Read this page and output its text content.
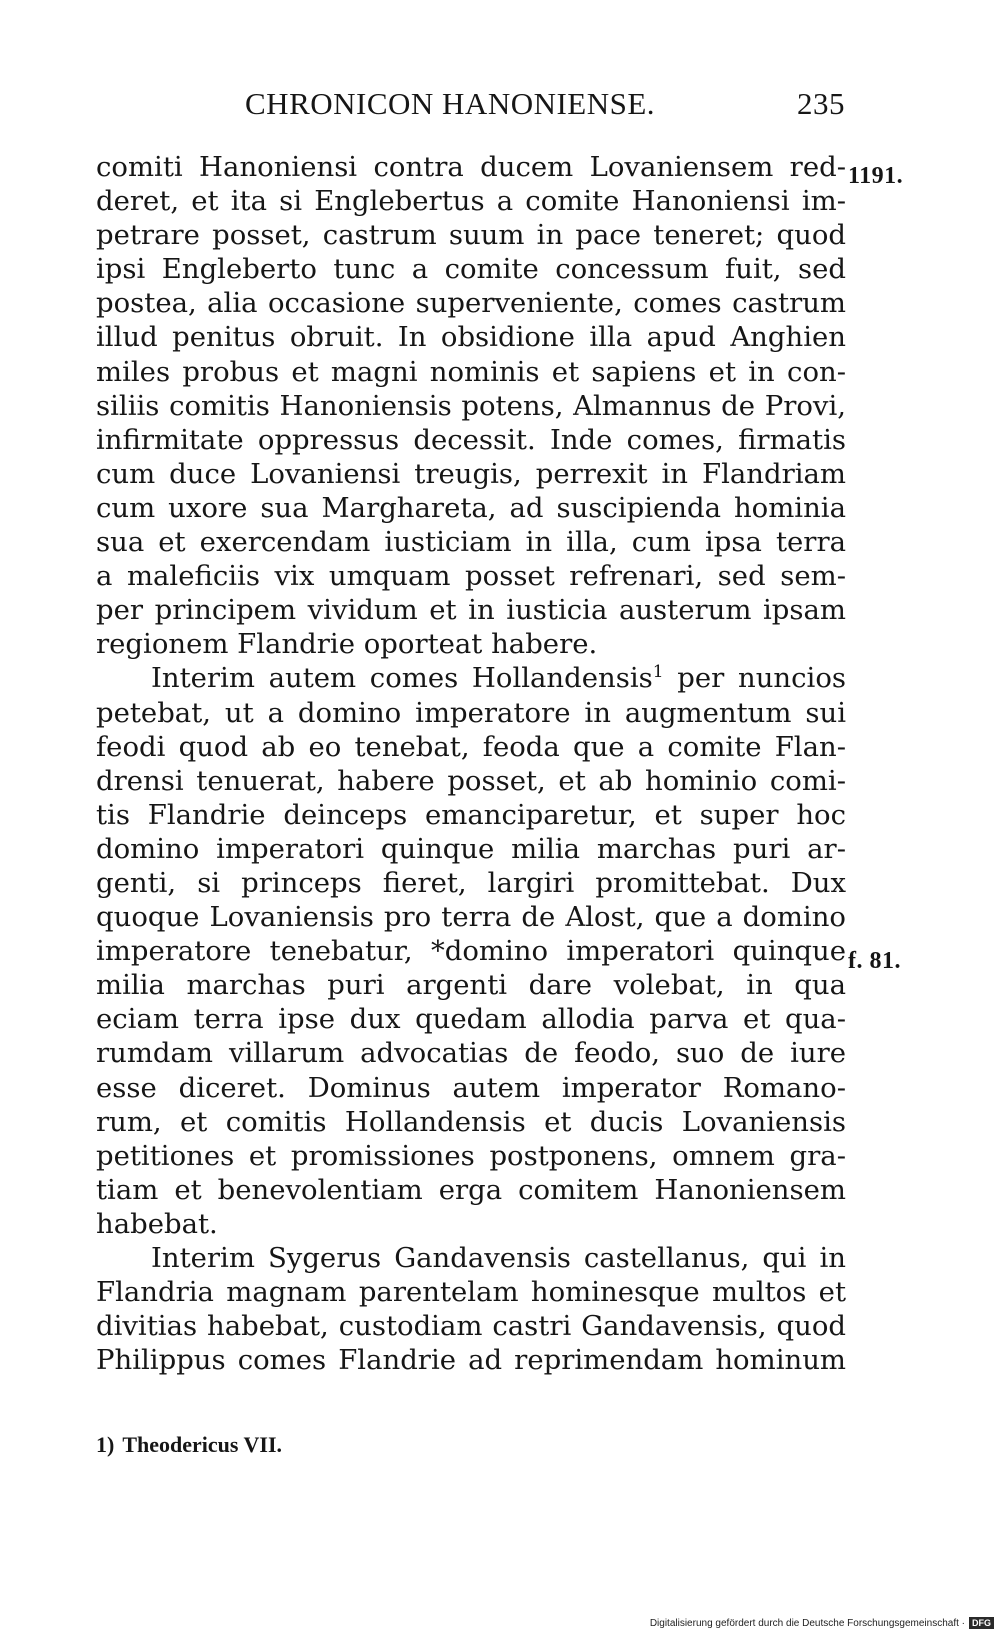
CHRONICON HANONIENSE.	235
1191.
f. 81.
comiti Hanoniensi contra ducem Lovaniensem red-
deret, et ita si Englebertus a comite Hanoniensi im-
petrare posset, castrum suum in pace teneret; quod
ipsi Engleberto tunc a comite concessum fuit, sed
postea, alia occasione superveniente, comes castrum
illud penitus obruit. In obsidione illa apud Anghien
miles probus et magni nominis et sapiens et in con-
siliis comitis Hanoniensis potens, Almannus de Provi,
infirmitate oppressus decessit. Inde comes, firmatis
cum duce Lovaniensi treugis, perrexit in Flandriam
cum uxore sua Marghareta, ad suscipienda hominia
sua et exercendam iusticiam in illa, cum ipsa terra
a maleficiis vix umquam posset refrenari, sed sem-
per principem vividum et in iusticia austerum ipsam
regionem Flandrie oporteat habere.
Interim autem comes Hollandensis$^1$ per nuncios
petebat, ut a domino imperatore in augmentum sui
feodi quod ab eo tenebat, feoda que a comite Flan-
drensi tenuerat, habere posset, et ab hominio comi-
tis Flandrie deinceps emanciparetur, et super hoc
domino imperatori quinque milia marchas puri ar-
genti, si princeps fieret, largiri promittebat. Dux
quoque Lovaniensis pro terra de Alost, que a domino
imperatore tenebatur, *domino imperatori quinque
milia marchas puri argenti dare volebat, in qua
eciam terra ipse dux quedam allodia parva et qua-
rumdam villarum advocatias de feodo, suo de iure
esse diceret. Dominus autem imperator Romano-
rum, et comitis Hollandensis et ducis Lovaniensis
petitiones et promissiones postponens, omnem gra-
tiam et benevolentiam erga comitem Hanoniensem
habebat.
Interim Sygerus Gandavensis castellanus, qui in
Flandria magnam parentelam hominesque multos et
divitias habebat, custodiam castri Gandavensis, quod
Philippus comes Flandrie ad reprimendam hominum
1) Theodericus VII.
Digitalisierung gefördert durch die Deutsche Forschungsgemeinschaft · DFG
